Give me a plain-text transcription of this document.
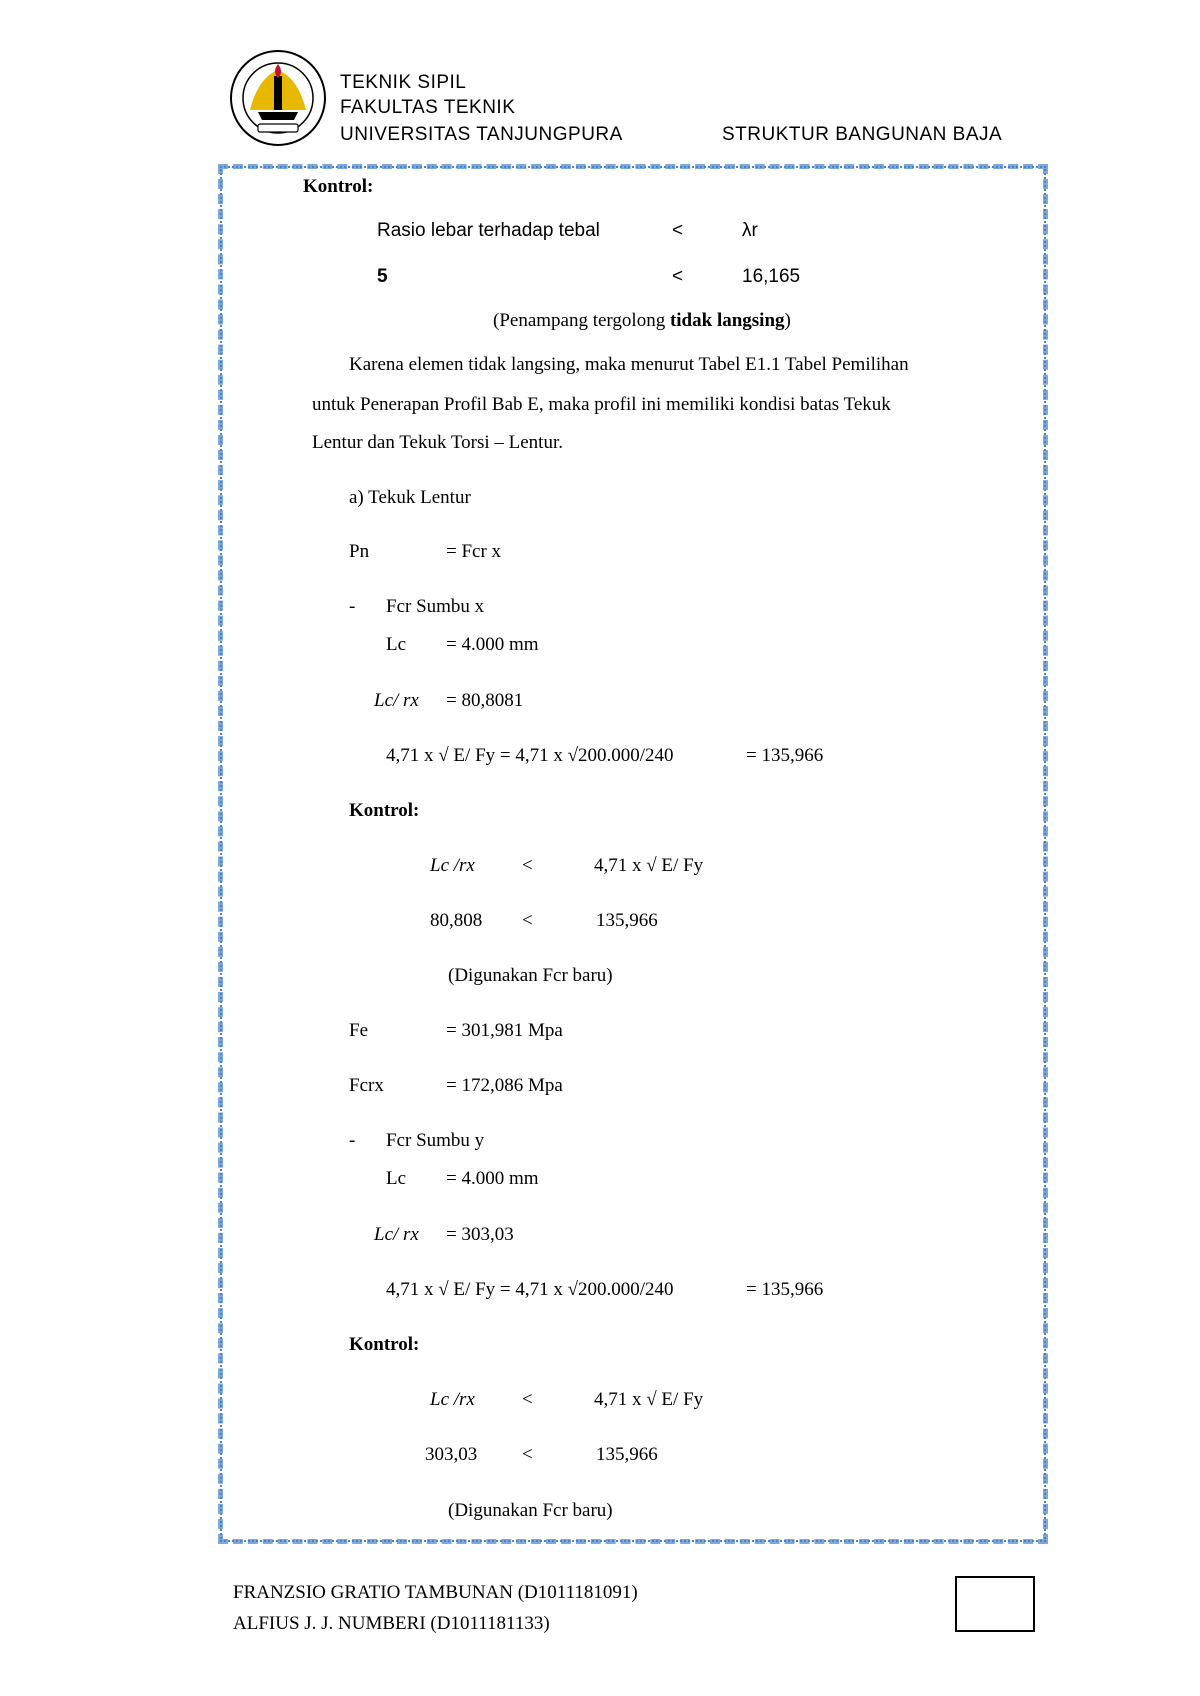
TEKNIK SIPIL
FAKULTAS TEKNIK
UNIVERSITAS TANJUNGPURA	STRUKTUR BANGUNAN BAJA
Kontrol:
Rasio lebar terhadap tebal	<	λr
5	<	16,165
(Penampang tergolong tidak langsing)
Karena elemen tidak langsing, maka menurut Tabel E1.1 Tabel Pemilihan
untuk Penerapan Profil Bab E, maka profil ini memiliki kondisi batas Tekuk
Lentur dan Tekuk Torsi – Lentur.
a) Tekuk Lentur
Pn	= Fcr x
- Fcr Sumbu x
Lc = 4.000 mm
Lc/ rx = 80,8081
4,71 x √ E/ Fy = 4,71 x √200.000/240	= 135,966
Kontrol:
Lc /rx <	4,71 x √ E/ Fy
80,808 <	135,966
(Digunakan Fcr baru)
Fe	= 301,981 Mpa
Fcrx	= 172,086 Mpa
- Fcr Sumbu y
Lc = 4.000 mm
Lc/ rx = 303,03
4,71 x √ E/ Fy = 4,71 x √200.000/240	= 135,966
Kontrol:
Lc /rx <	4,71 x √ E/ Fy
303,03 <	135,966
(Digunakan Fcr baru)
FRANZSIO GRATIO TAMBUNAN (D1011181091)
ALFIUS J. J. NUMBERI (D1011181133)
